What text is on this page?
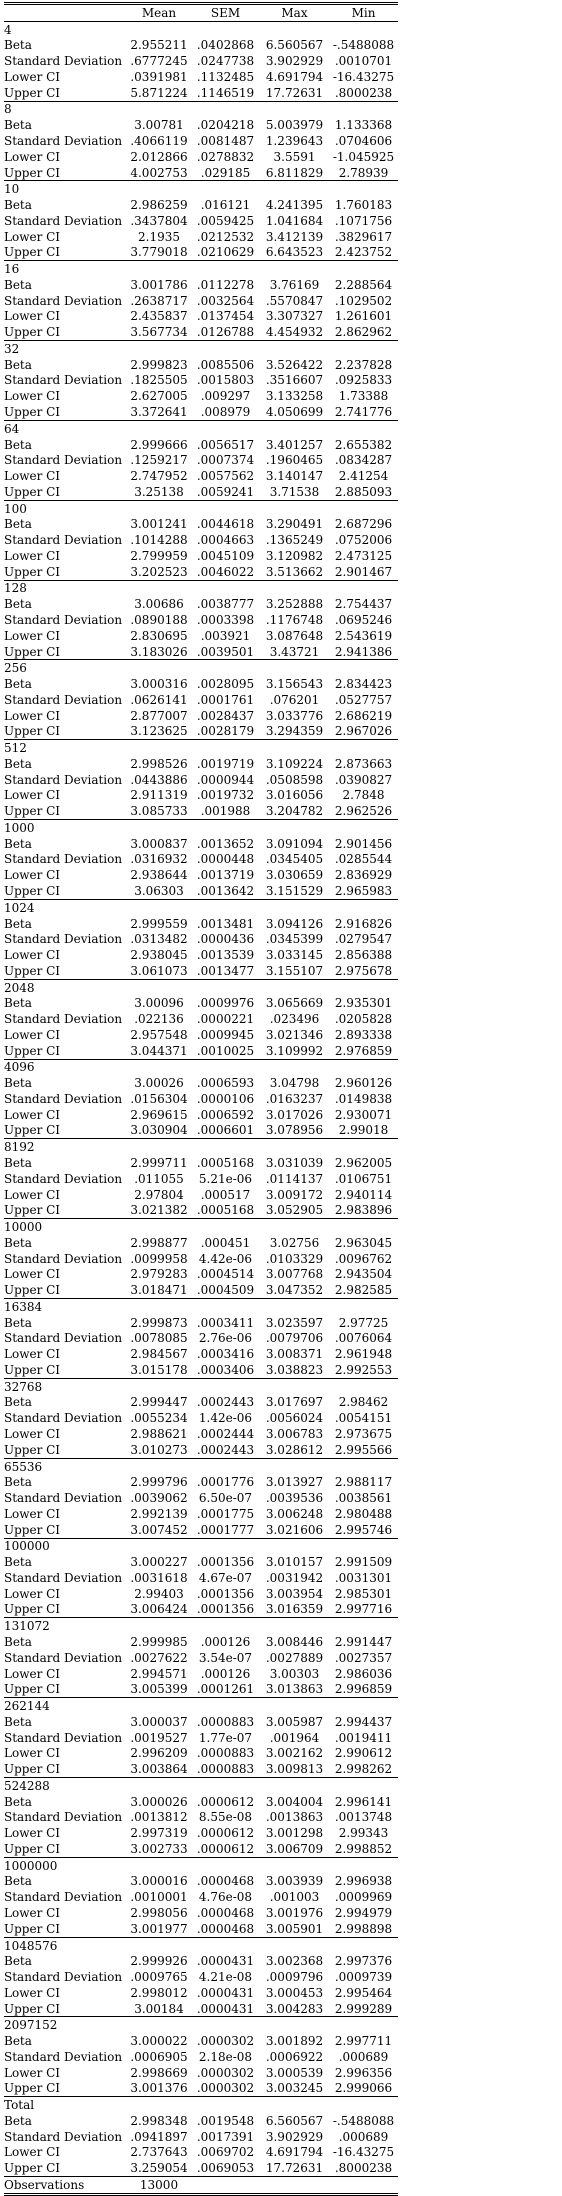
	Mean	SEM	Max	Min
4				
Beta	2.955211	.0402868	6.560567	-.5488088
Standard Deviation	.6777245	.0247738	3.902929	.0010701
Lower CI	.0391981	.1132485	4.691794	-16.43275
Upper CI	5.871224	.1146519	17.72631	.8000238
8				
Beta	3.00781	.0204218	5.003979	1.133368
Standard Deviation	.4066119	.0081487	1.239643	.0704606
Lower CI	2.012866	.0278832	3.5591	-1.045925
Upper CI	4.002753	.029185	6.811829	2.78939
10				
Beta	2.986259	.016121	4.241395	1.760183
Standard Deviation	.3437804	.0059425	1.041684	.1071756
Lower CI	2.1935	.0212532	3.412139	.3829617
Upper CI	3.779018	.0210629	6.643523	2.423752
16				
Beta	3.001786	.0112278	3.76169	2.288564
Standard Deviation	.2638717	.0032564	.5570847	.1029502
Lower CI	2.435837	.0137454	3.307327	1.261601
Upper CI	3.567734	.0126788	4.454932	2.862962
32				
Beta	2.999823	.0085506	3.526422	2.237828
Standard Deviation	.1825505	.0015803	.3516607	.0925833
Lower CI	2.627005	.009297	3.133258	1.73388
Upper CI	3.372641	.008979	4.050699	2.741776
64				
Beta	2.999666	.0056517	3.401257	2.655382
Standard Deviation	.1259217	.0007374	.1960465	.0834287
Lower CI	2.747952	.0057562	3.140147	2.41254
Upper CI	3.25138	.0059241	3.71538	2.885093
100				
Beta	3.001241	.0044618	3.290491	2.687296
Standard Deviation	.1014288	.0004663	.1365249	.0752006
Lower CI	2.799959	.0045109	3.120982	2.473125
Upper CI	3.202523	.0046022	3.513662	2.901467
128				
Beta	3.00686	.0038777	3.252888	2.754437
Standard Deviation	.0890188	.0003398	.1176748	.0695246
Lower CI	2.830695	.003921	3.087648	2.543619
Upper CI	3.183026	.0039501	3.43721	2.941386
256				
Beta	3.000316	.0028095	3.156543	2.834423
Standard Deviation	.0626141	.0001761	.076201	.0527757
Lower CI	2.877007	.0028437	3.033776	2.686219
Upper CI	3.123625	.0028179	3.294359	2.967026
512				
Beta	2.998526	.0019719	3.109224	2.873663
Standard Deviation	.0443886	.0000944	.0508598	.0390827
Lower CI	2.911319	.0019732	3.016056	2.7848
Upper CI	3.085733	.001988	3.204782	2.962526
1000				
Beta	3.000837	.0013652	3.091094	2.901456
Standard Deviation	.0316932	.0000448	.0345405	.0285544
Lower CI	2.938644	.0013719	3.030659	2.836929
Upper CI	3.06303	.0013642	3.151529	2.965983
1024				
Beta	2.999559	.0013481	3.094126	2.916826
Standard Deviation	.0313482	.0000436	.0345399	.0279547
Lower CI	2.938045	.0013539	3.033145	2.856388
Upper CI	3.061073	.0013477	3.155107	2.975678
2048				
Beta	3.00096	.0009976	3.065669	2.935301
Standard Deviation	.022136	.0000221	.023496	.0205828
Lower CI	2.957548	.0009945	3.021346	2.893338
Upper CI	3.044371	.0010025	3.109992	2.976859
4096				
Beta	3.00026	.0006593	3.04798	2.960126
Standard Deviation	.0156304	.0000106	.0163237	.0149838
Lower CI	2.969615	.0006592	3.017026	2.930071
Upper CI	3.030904	.0006601	3.078956	2.99018
8192				
Beta	2.999711	.0005168	3.031039	2.962005
Standard Deviation	.011055	5.21e-06	.0114137	.0106751
Lower CI	2.97804	.000517	3.009172	2.940114
Upper CI	3.021382	.0005168	3.052905	2.983896
10000				
Beta	2.998877	.000451	3.02756	2.963045
Standard Deviation	.0099958	4.42e-06	.0103329	.0096762
Lower CI	2.979283	.0004514	3.007768	2.943504
Upper CI	3.018471	.0004509	3.047352	2.982585
16384				
Beta	2.999873	.0003411	3.023597	2.97725
Standard Deviation	.0078085	2.76e-06	.0079706	.0076064
Lower CI	2.984567	.0003416	3.008371	2.961948
Upper CI	3.015178	.0003406	3.038823	2.992553
32768				
Beta	2.999447	.0002443	3.017697	2.98462
Standard Deviation	.0055234	1.42e-06	.0056024	.0054151
Lower CI	2.988621	.0002444	3.006783	2.973675
Upper CI	3.010273	.0002443	3.028612	2.995566
65536				
Beta	2.999796	.0001776	3.013927	2.988117
Standard Deviation	.0039062	6.50e-07	.0039536	.0038561
Lower CI	2.992139	.0001775	3.006248	2.980488
Upper CI	3.007452	.0001777	3.021606	2.995746
100000				
Beta	3.000227	.0001356	3.010157	2.991509
Standard Deviation	.0031618	4.67e-07	.0031942	.0031301
Lower CI	2.99403	.0001356	3.003954	2.985301
Upper CI	3.006424	.0001356	3.016359	2.997716
131072				
Beta	2.999985	.000126	3.008446	2.991447
Standard Deviation	.0027622	3.54e-07	.0027889	.0027357
Lower CI	2.994571	.000126	3.00303	2.986036
Upper CI	3.005399	.0001261	3.013863	2.996859
262144				
Beta	3.000037	.0000883	3.005987	2.994437
Standard Deviation	.0019527	1.77e-07	.001964	.0019411
Lower CI	2.996209	.0000883	3.002162	2.990612
Upper CI	3.003864	.0000883	3.009813	2.998262
524288				
Beta	3.000026	.0000612	3.004004	2.996141
Standard Deviation	.0013812	8.55e-08	.0013863	.0013748
Lower CI	2.997319	.0000612	3.001298	2.99343
Upper CI	3.002733	.0000612	3.006709	2.998852
1000000				
Beta	3.000016	.0000468	3.003939	2.996938
Standard Deviation	.0010001	4.76e-08	.001003	.0009969
Lower CI	2.998056	.0000468	3.001976	2.994979
Upper CI	3.001977	.0000468	3.005901	2.998898
1048576				
Beta	2.999926	.0000431	3.002368	2.997376
Standard Deviation	.0009765	4.21e-08	.0009796	.0009739
Lower CI	2.998012	.0000431	3.000453	2.995464
Upper CI	3.00184	.0000431	3.004283	2.999289
2097152				
Beta	3.000022	.0000302	3.001892	2.997711
Standard Deviation	.0006905	2.18e-08	.0006922	.000689
Lower CI	2.998669	.0000302	3.000539	2.996356
Upper CI	3.001376	.0000302	3.003245	2.999066
Total				
Beta	2.998348	.0019548	6.560567	-.5488088
Standard Deviation	.0941897	.0017391	3.902929	.000689
Lower CI	2.737643	.0069702	4.691794	-16.43275
Upper CI	3.259054	.0069053	17.72631	.8000238
Observations	13000			
